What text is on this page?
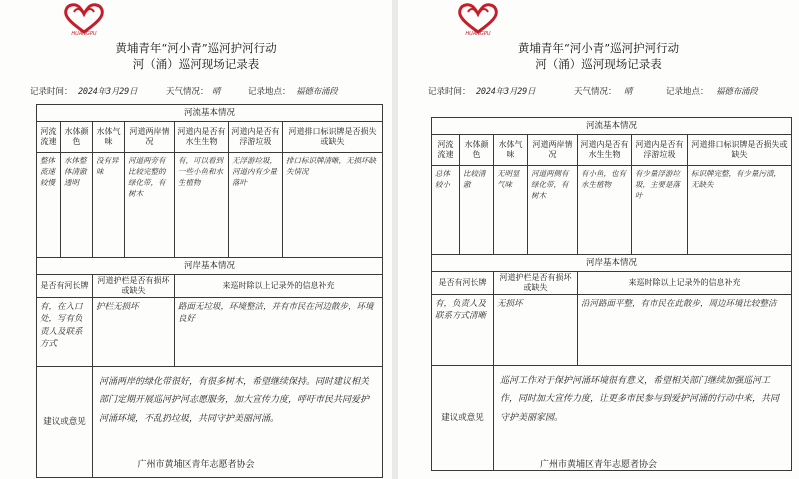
HUANGPU
黄埔青年“河小青”巡河护河行动
河（涌）巡河现场记录表
记录时间： 2024年3月29日	天气情况： 晴	记录地点： 福德布涌段
河流基本情况						
河流流速	水体颜色	水体气味	河道两岸情况	河道内是否有水生生物	河道内是否有浮游垃圾	河道排口标识牌是否损失或缺失
整体流速较慢	水体整体清澈透明	没有异味	河道两旁有比较完整的绿化带，有树木	有，可以看到一些小鱼和水生植物	无浮游垃圾，河道内有少量落叶	排口标识牌清晰，无损坏缺失情况
河岸基本情况						
是否有河长牌		河道护栏是否有损坏或缺失		来巡时除以上记录外的信息补充		
有，在入口处，写有负责人及联系方式		护栏无损坏		路面无垃圾，环境整洁，并有市民在河边散步，环境良好		
建议或意见		河涌两岸的绿化带很好，有很多树木，希望继续保持。同时建议相关部门定期开展巡河护河志愿服务，加大宣传力度，呼吁市民共同爱护河涌环境，不乱扔垃圾，共同守护美丽河涌。				
广州市黄埔区青年志愿者协会
HUANGPU
黄埔青年“河小青”巡河护河行动
河（涌）巡河现场记录表
记录时间： 2024年3月29日	天气情况： 晴	记录地点： 福德布涌段
河流基本情况						
河流流速	水体颜色	水体气味	河道两岸情况	河道内是否有水生生物	河道内是否有浮游垃圾	河道排口标识牌是否损失或缺失
总体较小	比较清澈	无明显气味	河道两侧有绿化带，有树木	有小鱼，也有水生植物	有少量浮游垃圾，主要是落叶	标识牌完整，有少量污渍，无缺失
河岸基本情况						
是否有河长牌		河道护栏是否有损坏或缺失		来巡时除以上记录外的信息补充		
有，负责人及联系方式清晰		无损坏		沿河路面平整，有市民在此散步，周边环境比较整洁		
建议或意见		巡河工作对于保护河涌环境很有意义，希望相关部门继续加强巡河工作，同时加大宣传力度，让更多市民参与到爱护河涌的行动中来，共同守护美丽家园。				
广州市黄埔区青年志愿者协会
